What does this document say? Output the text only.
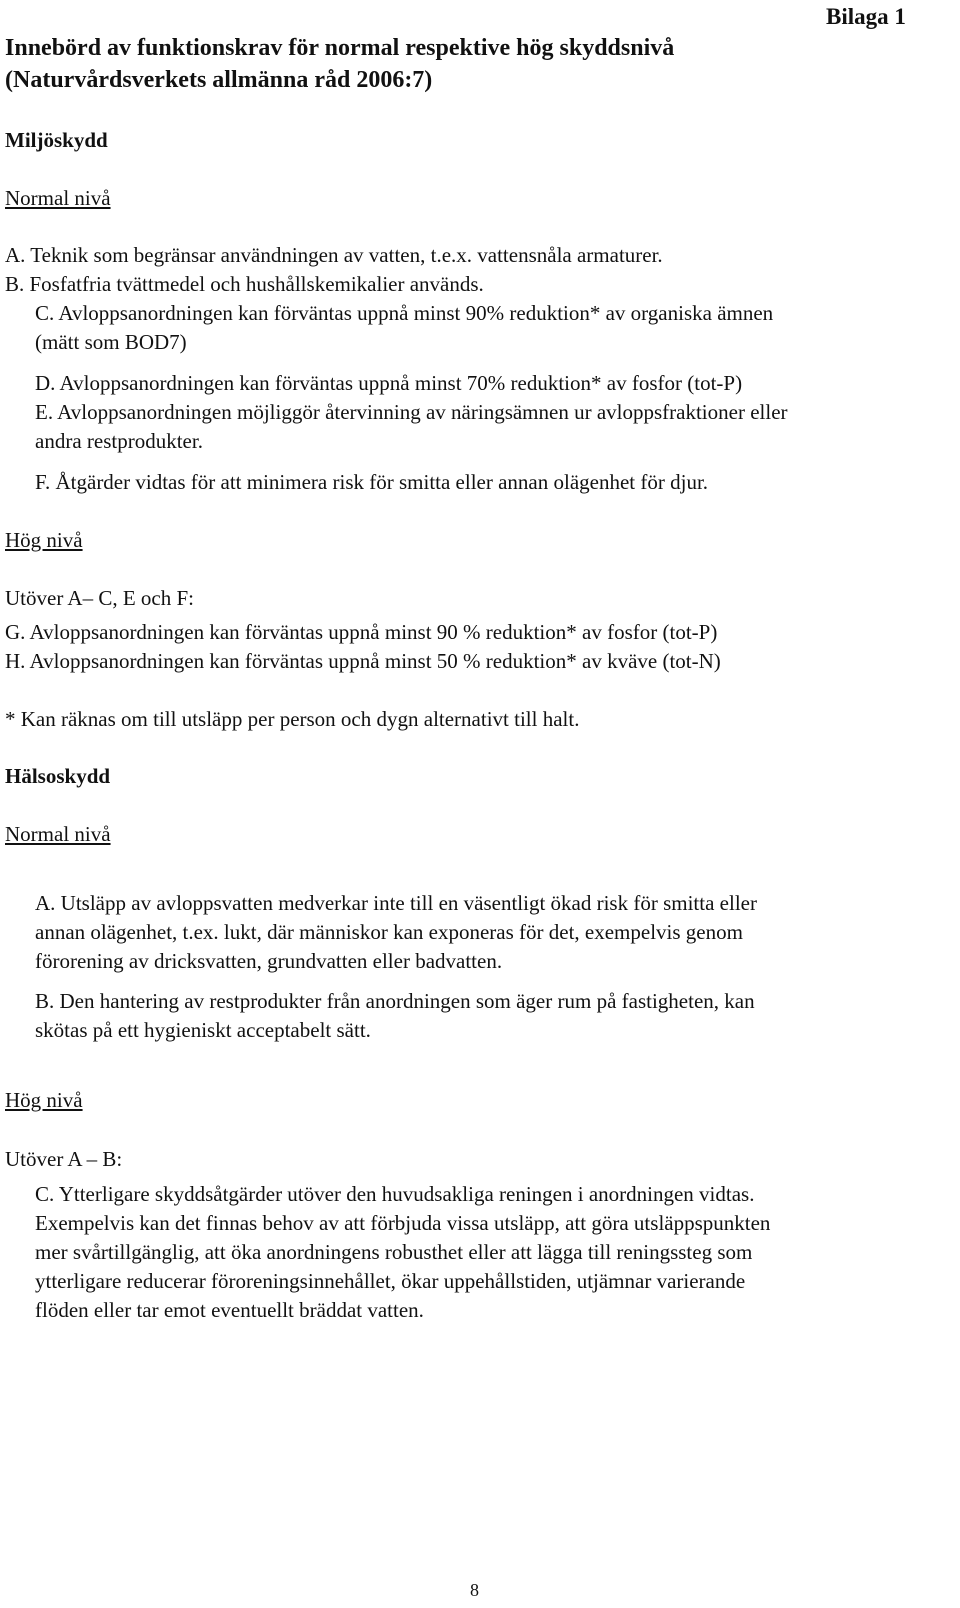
Bilaga 1
Innebörd av funktionskrav för normal respektive hög skyddsnivå
(Naturvårdsverkets allmänna råd 2006:7)
Miljöskydd
Normal nivå
A. Teknik som begränsar användningen av vatten, t.e.x. vattensnåla armaturer.
B. Fosfatfria tvättmedel och hushållskemikalier används.
C. Avloppsanordningen kan förväntas uppnå minst 90% reduktion* av organiska ämnen
(mätt som BOD7)
D. Avloppsanordningen kan förväntas uppnå minst 70% reduktion* av fosfor (tot-P)
E. Avloppsanordningen möjliggör återvinning av näringsämnen ur avloppsfraktioner eller
andra restprodukter.
F. Åtgärder vidtas för att minimera risk för smitta eller annan olägenhet för djur.
Hög nivå
Utöver A– C, E och F:
G. Avloppsanordningen kan förväntas uppnå minst 90 % reduktion* av fosfor (tot-P)
H. Avloppsanordningen kan förväntas uppnå minst 50 % reduktion* av kväve (tot-N)
* Kan räknas om till utsläpp per person och dygn alternativt till halt.
Hälsoskydd
Normal nivå
A. Utsläpp av avloppsvatten medverkar inte till en väsentligt ökad risk för smitta eller
annan olägenhet, t.ex. lukt, där människor kan exponeras för det, exempelvis genom
förorening av dricksvatten, grundvatten eller badvatten.
B. Den hantering av restprodukter från anordningen som äger rum på fastigheten, kan
skötas på ett hygieniskt acceptabelt sätt.
Hög nivå
Utöver A – B:
C. Ytterligare skyddsåtgärder utöver den huvudsakliga reningen i anordningen vidtas.
Exempelvis kan det finnas behov av att förbjuda vissa utsläpp, att göra utsläppspunkten
mer svårtillgänglig, att öka anordningens robusthet eller att lägga till reningssteg som
ytterligare reducerar föroreningsinnehållet, ökar uppehållstiden, utjämnar varierande
flöden eller tar emot eventuellt bräddat vatten.
8
